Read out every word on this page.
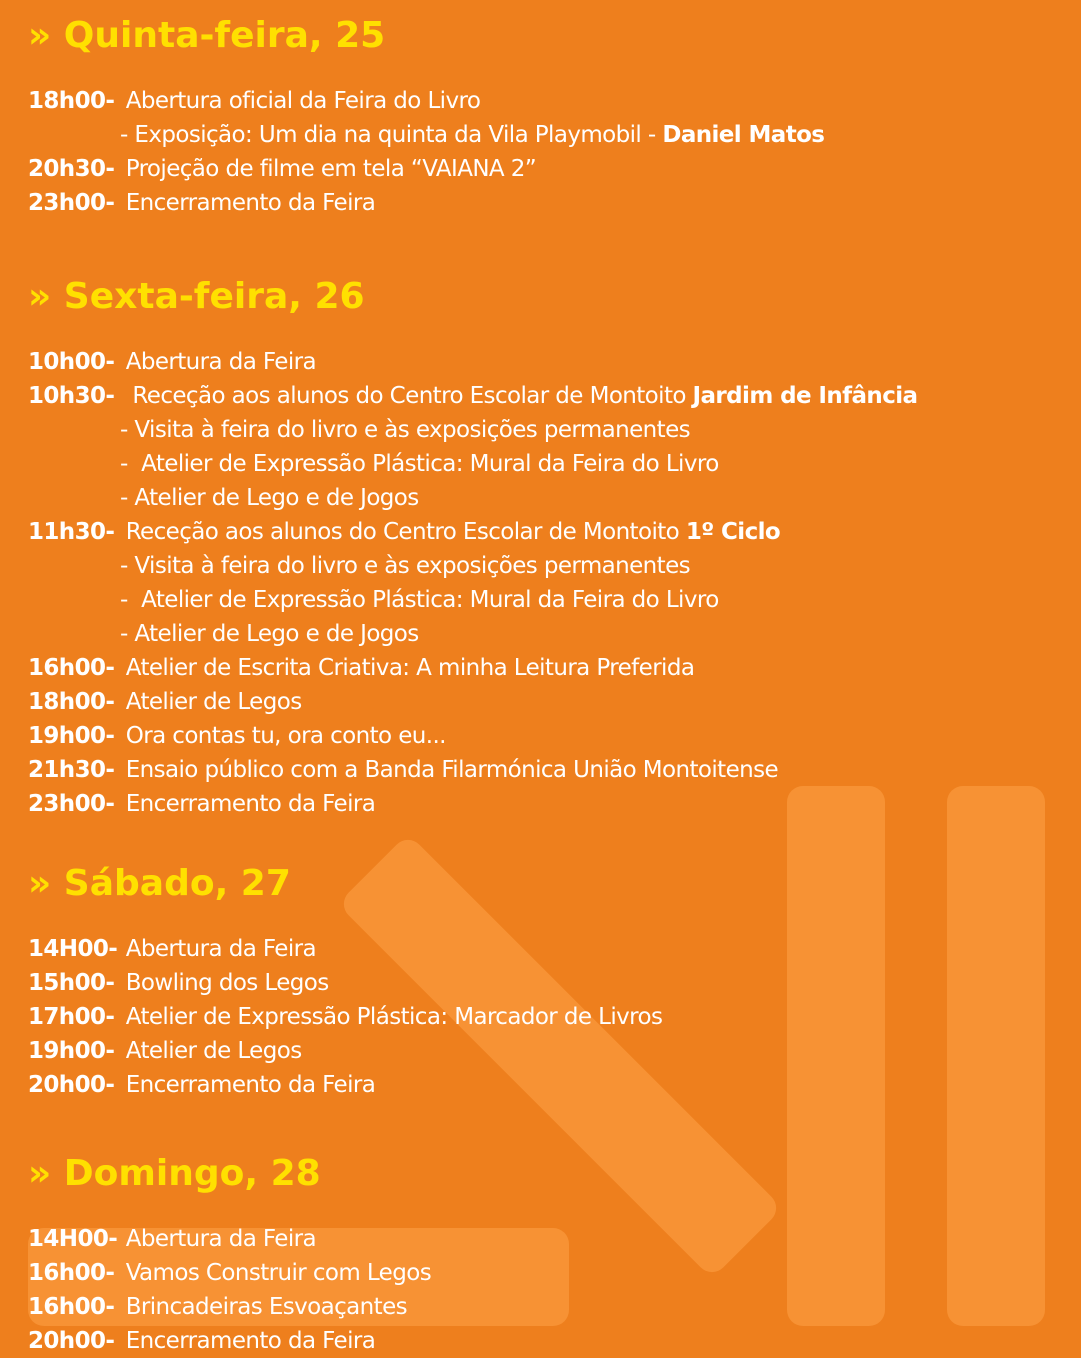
» Quinta-feira, 25
18h00- Abertura oficial da Feira do Livro
- Exposição: Um dia na quinta da Vila Playmobil - Daniel Matos
20h30- Projeção de filme em tela “VAIANA 2”
23h00- Encerramento da Feira
» Sexta-feira, 26
10h00- Abertura da Feira
10h30-  Receção aos alunos do Centro Escolar de Montoito Jardim de Infância
- Visita à feira do livro e às exposições permanentes
-  Atelier de Expressão Plástica: Mural da Feira do Livro
- Atelier de Lego e de Jogos
11h30- Receção aos alunos do Centro Escolar de Montoito 1º Ciclo
- Visita à feira do livro e às exposições permanentes
-  Atelier de Expressão Plástica: Mural da Feira do Livro
- Atelier de Lego e de Jogos
16h00- Atelier de Escrita Criativa: A minha Leitura Preferida
18h00- Atelier de Legos
19h00- Ora contas tu, ora conto eu...
21h30- Ensaio público com a Banda Filarmónica União Montoitense
23h00- Encerramento da Feira
» Sábado, 27
14H00- Abertura da Feira
15h00- Bowling dos Legos
17h00- Atelier de Expressão Plástica: Marcador de Livros
19h00- Atelier de Legos
20h00- Encerramento da Feira
» Domingo, 28
14H00- Abertura da Feira
16h00- Vamos Construir com Legos
16h00- Brincadeiras Esvoaçantes
20h00- Encerramento da Feira
